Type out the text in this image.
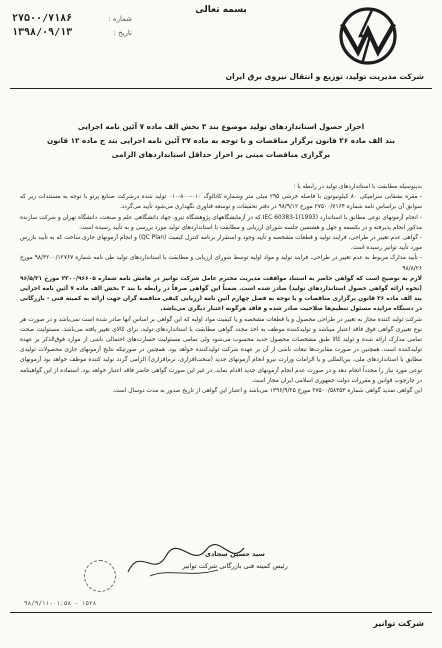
بسمه تعالی
شماره :
۲۷۵۰۰/۷۱۸۶
تاریخ :
۱۳۹۸/۰۹/۱۳
شرکت مدیریت تولید، توزیع و انتقال نیروی برق ایران
احراز حصول استانداردهای تولید موضوع بند ۳ بخش الف ماده ۷ آئین نامه اجرایی
بند الف ماده ۲۶ قانون برگزار مناقصات و با توجه به ماده ۲۷ آئین نامه اجرایی بند ج ماده ۱۲ قانون
برگزاری مناقصات مبنی بر احراز حداقل استانداردهای الزامی

بدینوسیله مطابقت با استانداردهای تولید در رابطه با :

- مقره بشقابی سرامیکی ۸۰ کیلونیوتون با فاصله خزشی ۲۹۵ میلی متر وشماره کاتالوگ ۰۱۰-۸۰۰-۰۱۰ تولید شده درشرکت صنایع پرتو با توجه به مستندات زیر که سوابق آن براساس نامه شماره ۲۷۵۰۰/۷۱۶۴ مورخ ۹۸/۹/۱۲ در دفتر تحقیقات و توسعه فناوری نگهداری می‌شود تأیید می‌گردد.

- انجام آزمونهای نوعی مطابق با استاندارد IEC 60383-1(1993) که در آزمایشگاههای پژوهشگاه نیرو، جهاد دانشگاهی علم و صنعت، دانشگاه تهران و شرکت سازنده مذکور انجام پذیرفته و در بکسمه و جهل و هشتمین جلسه شورای ارزیابی و مطابقت با استانداردهای تولید مورد بررسی و به تأیید رسیده است.

- گواهی عدم تغییر در طراحی، فرایند تولید و قطعات مشخصه و تأیید وجود و استقرار برنامه کنترل کیفیت (QC Plan) و انجام آزمونهای جاری ساخت که به تأیید بازرس مورد تأیید توانیر رسیده است.

- تأیید مدارک مربوط به عدم تغییر در طراحی، فرایند تولید و مواد اولیه توسط شورای ارزیابی و مطابقت با استانداردهای تولید طی نامه شماره ۹۸/۳۲۰۰/۱۲۷۶۷ مورخ ۹۸/۸/۲۶

لازم به توضیح است که گواهی حاضر به استناد موافقت مدیریت محترم عامل شرکت توانیر در هامش نامه شماره ۲۲۰۰/۹۶۶۰۵ مورخ ۹۶/۵/۲۱ (نحوه ارائه گواهی حصول استانداردهای تولید) صادر شده است. ضمناً این گواهی صرفاً در رابطه با بند ۳ بخش الف ماده ۷ آئین نامه اجرایی بند الف ماده ۲۶ قانون برگزاری مناقصات و با توجه به فصل چهارم آئین نامه ارزیابی کیفی مناقصه گران جهت ارائه به کمیته فنی - بازرگانی در دستگاه مزایده مسئول تنظیم‌ها صلاحیت صادر شده و فاقد هرگونه اعتبار دیگری می‌باشد.

شرکت تولید کننده مجاز به تغییر در طراحی محصول و یا قطعات مشخصه و یا کیفیت مواد اولیه که این گواهی بر اساس آنها صادر شده است نمی‌باشد و در صورت هر نوع تغییری گواهی فوق فاقد اعتبار میباشد و تولیدکننده موظف به اخذ مجدد گواهی مطابقت با استانداردهای تولید، برای کالای تغییر یافته می‌باشد. مسئولیت صحت تمامی مدارک ارائه شده و تولید کالا طبق مشخصات محصول جدید محسوب می‌شود ولی تمامی مسئولیت خسارت‌های احتمالی ناشی از موارد فوق‌الذکر بر عهده تولیدکننده است. همچنین در صورت مقایرت‌ها تبعات ناشی از آن بر عهده شرکت تولیدکننده خواهد بود. همچنین در صورتیکه نتایج آزمونهای جاری محصولات تولیدی مطابق با استانداردهای ملی، بین‌المللی و یا الزامات وزارت نیرو انجام آزمونهای جدید (سخت‌افزاری، نرم‌افزاری) الزامی گردد تولید کننده موظف خواهد بود آزمونهای نوعی مورد نیاز را مجدداً انجام دهد و در صورت عدم انجام آزمونهای جدید اقدام نماید. در غیر این صورت گواهی حاضر فاقد اعتبار خواهد بود. استفاده از این گواهینامه در چارچوب قوانین و مقررات دولت جمهوری اسلامی ایران مجاز است.

این گواهی تمدید گواهی شماره ۲۷۵۰۰/۵۸۳۵۳ مورخ ۱۳۹۶/۹/۲۵ می‌باشد و اعتبار این گواهی از تاریخ صدور به مدت دوسال است.

سید حسین سجادی
رئیس کمیته فنی بازرگانی شرکت توانیر
۹۸/۹/۱۱-۰۱:۵۸ - ۱۵۲۸
شرکت توانیر
